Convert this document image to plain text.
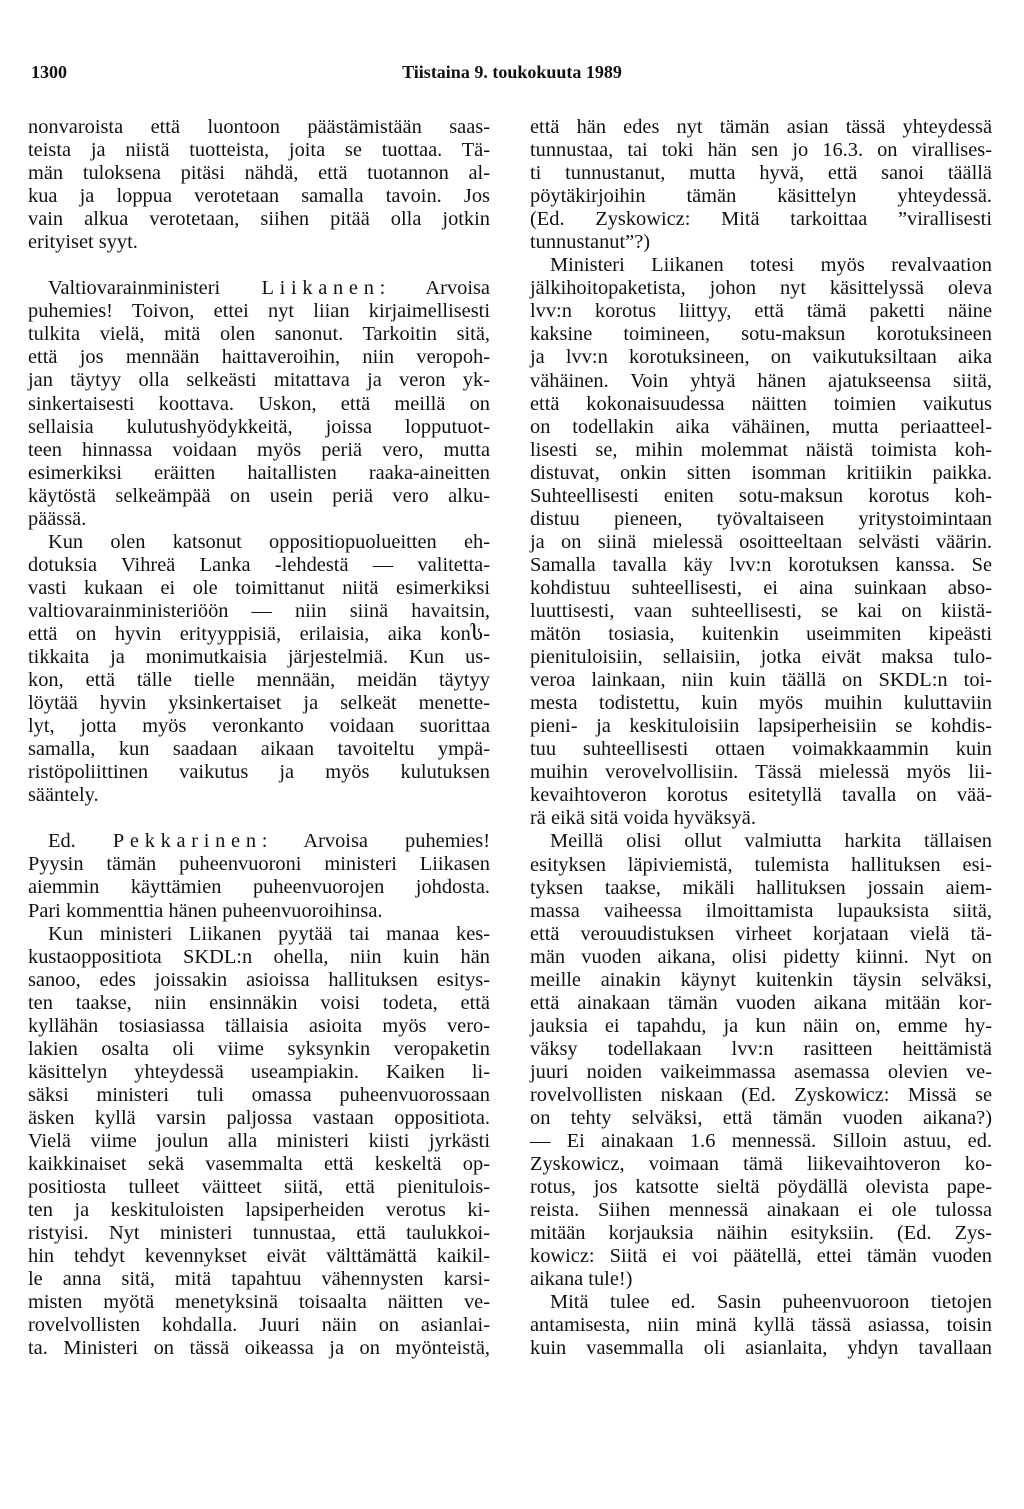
1300	Tiistaina 9. toukokuuta 1989
nonvaroista että luontoon päästämistään saas-
teista ja niistä tuotteista, joita se tuottaa. Tä-
män tuloksena pitäsi nähdä, että tuotannon al-
kua ja loppua verotetaan samalla tavoin. Jos
vain alkua verotetaan, siihen pitää olla jotkin
erityiset syyt.
Valtiovarainministeri Liikanen: Arvoisa
puhemies! Toivon, ettei nyt liian kirjaimellisesti
tulkita vielä, mitä olen sanonut. Tarkoitin sitä,
että jos mennään haittaveroihin, niin veropoh-
jan täytyy olla selkeästi mitattava ja veron yk-
sinkertaisesti koottava. Uskon, että meillä on
sellaisia kulutushyödykkeitä, joissa lopputuot-
teen hinnassa voidaan myös periä vero, mutta
esimerkiksi eräitten haitallisten raaka-aineitten
käytöstä selkeämpää on usein periä vero alku-
päässä.
Kun olen katsonut oppositiopuolueitten eh-
dotuksia Vihreä Lanka -lehdestä — valitetta-
vasti kukaan ei ole toimittanut niitä esimerkiksi
valtiovarainministeriöön — niin siinä havaitsin,
että on hyvin erityyppisiä, erilaisia, aika konს-
tikkaita ja monimutkaisia järjestelmiä. Kun us-
kon, että tälle tielle mennään, meidän täytyy
löytää hyvin yksinkertaiset ja selkeät menette-
lyt, jotta myös veronkanto voidaan suorittaa
samalla, kun saadaan aikaan tavoiteltu ympä-
ristöpoliittinen vaikutus ja myös kulutuksen
sääntely.
Ed. Pekkarinen: Arvoisa puhemies!
Pyysin tämän puheenvuoroni ministeri Liikasen
aiemmin käyttämien puheenvuorojen johdosta.
Pari kommenttia hänen puheenvuoroihinsa.
Kun ministeri Liikanen pyytää tai manaa kes-
kustaoppositiota SKDL:n ohella, niin kuin hän
sanoo, edes joissakin asioissa hallituksen esitys-
ten taakse, niin ensinnäkin voisi todeta, että
kyllähän tosiasiassa tällaisia asioita myös vero-
lakien osalta oli viime syksynkin veropaketin
käsittelyn yhteydessä useampiakin. Kaiken li-
säksi ministeri tuli omassa puheenvuorossaan
äsken kyllä varsin paljossa vastaan oppositiota.
Vielä viime joulun alla ministeri kiisti jyrkästi
kaikkinaiset sekä vasemmalta että keskeltä op-
positiosta tulleet väitteet siitä, että pienitulois-
ten ja keskituloisten lapsiperheiden verotus ki-
ristyisi. Nyt ministeri tunnustaa, että taulukkoi-
hin tehdyt kevennykset eivät välttämättä kaikil-
le anna sitä, mitä tapahtuu vähennysten karsi-
misten myötä menetyksinä toisaalta näitten ve-
rovelvollisten kohdalla. Juuri näin on asianlai-
ta. Ministeri on tässä oikeassa ja on myönteistä,
että hän edes nyt tämän asian tässä yhteydessä
tunnustaa, tai toki hän sen jo 16.3. on virallises-
ti tunnustanut, mutta hyvä, että sanoi täällä
pöytäkirjoihin tämän käsittelyn yhteydessä.
(Ed. Zyskowicz: Mitä tarkoittaa ”virallisesti
tunnustanut”?)
Ministeri Liikanen totesi myös revalvaation
jälkihoitopaketista, johon nyt käsittelyssä oleva
lvv:n korotus liittyy, että tämä paketti näine
kaksine toimineen, sotu-maksun korotuksineen
ja lvv:n korotuksineen, on vaikutuksiltaan aika
vähäinen. Voin yhtyä hänen ajatukseensa siitä,
että kokonaisuudessa näitten toimien vaikutus
on todellakin aika vähäinen, mutta periaatteel-
lisesti se, mihin molemmat näistä toimista koh-
distuvat, onkin sitten isomman kritiikin paikka.
Suhteellisesti eniten sotu-maksun korotus koh-
distuu pieneen, työvaltaiseen yritystoimintaan
ja on siinä mielessä osoitteeltaan selvästi väärin.
Samalla tavalla käy lvv:n korotuksen kanssa. Se
kohdistuu suhteellisesti, ei aina suinkaan abso-
luuttisesti, vaan suhteellisesti, se kai on kiistä-
mätön tosiasia, kuitenkin useimmiten kipeästi
pienituloisiin, sellaisiin, jotka eivät maksa tulo-
veroa lainkaan, niin kuin täällä on SKDL:n toi-
mesta todistettu, kuin myös muihin kuluttaviin
pieni- ja keskituloisiin lapsiperheisiin se kohdis-
tuu suhteellisesti ottaen voimakkaammin kuin
muihin verovelvollisiin. Tässä mielessä myös lii-
kevaihtoveron korotus esitetyllä tavalla on vää-
rä eikä sitä voida hyväksyä.
Meillä olisi ollut valmiutta harkita tällaisen
esityksen läpiviemistä, tulemista hallituksen esi-
tyksen taakse, mikäli hallituksen jossain aiem-
massa vaiheessa ilmoittamista lupauksista siitä,
että verouudistuksen virheet korjataan vielä tä-
män vuoden aikana, olisi pidetty kiinni. Nyt on
meille ainakin käynyt kuitenkin täysin selväksi,
että ainakaan tämän vuoden aikana mitään kor-
jauksia ei tapahdu, ja kun näin on, emme hy-
väksy todellakaan lvv:n rasitteen heittämistä
juuri noiden vaikeimmassa asemassa olevien ve-
rovelvollisten niskaan (Ed. Zyskowicz: Missä se
on tehty selväksi, että tämän vuoden aikana?)
— Ei ainakaan 1.6 mennessä. Silloin astuu, ed.
Zyskowicz, voimaan tämä liikevaihtoveron ko-
rotus, jos katsotte sieltä pöydällä olevista pape-
reista. Siihen mennessä ainakaan ei ole tulossa
mitään korjauksia näihin esityksiin. (Ed. Zys-
kowicz: Siitä ei voi päätellä, ettei tämän vuoden
aikana tule!)
Mitä tulee ed. Sasin puheenvuoroon tietojen
antamisesta, niin minä kyllä tässä asiassa, toisin
kuin vasemmalla oli asianlaita, yhdyn tavallaan
